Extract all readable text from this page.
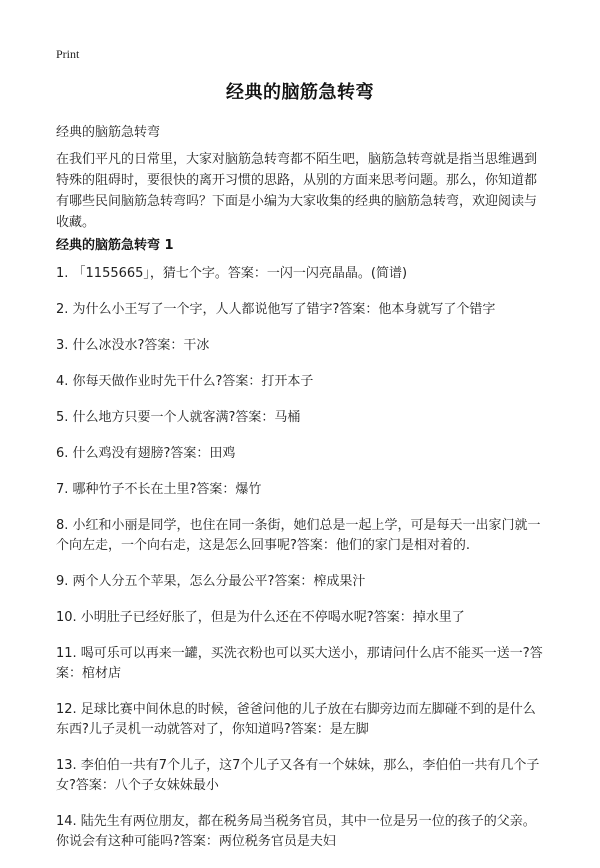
Print
经典的脑筋急转弯
经典的脑筋急转弯

在我们平凡的日常里，大家对脑筋急转弯都不陌生吧，脑筋急转弯就是指当思维遇到特殊的阻碍时，要很快的离开习惯的思路，从别的方面来思考问题。那么，你知道都有哪些民间脑筋急转弯吗？下面是小编为大家收集的经典的脑筋急转弯，欢迎阅读与收藏。

经典的脑筋急转弯 1
1. 「1155665」，猜七个字。答案：一闪一闪亮晶晶。(简谱)
2. 为什么小王写了一个字，人人都说他写了错字?答案：他本身就写了个错字
3. 什么冰没水?答案：干冰
4. 你每天做作业时先干什么?答案：打开本子
5. 什么地方只要一个人就客满?答案：马桶
6. 什么鸡没有翅膀?答案：田鸡
7. 哪种竹子不长在土里?答案：爆竹
8. 小红和小丽是同学，也住在同一条街，她们总是一起上学，可是每天一出家门就一个向左走，一个向右走，这是怎么回事呢?答案：他们的家门是相对着的.
9. 两个人分五个苹果，怎么分最公平?答案：榨成果汁
10. 小明肚子已经好胀了，但是为什么还在不停喝水呢?答案：掉水里了
11. 喝可乐可以再来一罐，买洗衣粉也可以买大送小，那请问什么店不能买一送一?答案：棺材店
12. 足球比赛中间休息的时候，爸爸问他的儿子放在右脚旁边而左脚碰不到的是什么东西?儿子灵机一动就答对了，你知道吗?答案：是左脚
13. 李伯伯一共有7个儿子，这7个儿子又各有一个妹妹，那么，李伯伯一共有几个子女?答案：八个子女妹妹最小
14. 陆先生有两位朋友，都在税务局当税务官员，其中一位是另一位的孩子的父亲。你说会有这种可能吗?答案：两位税务官员是夫妇
